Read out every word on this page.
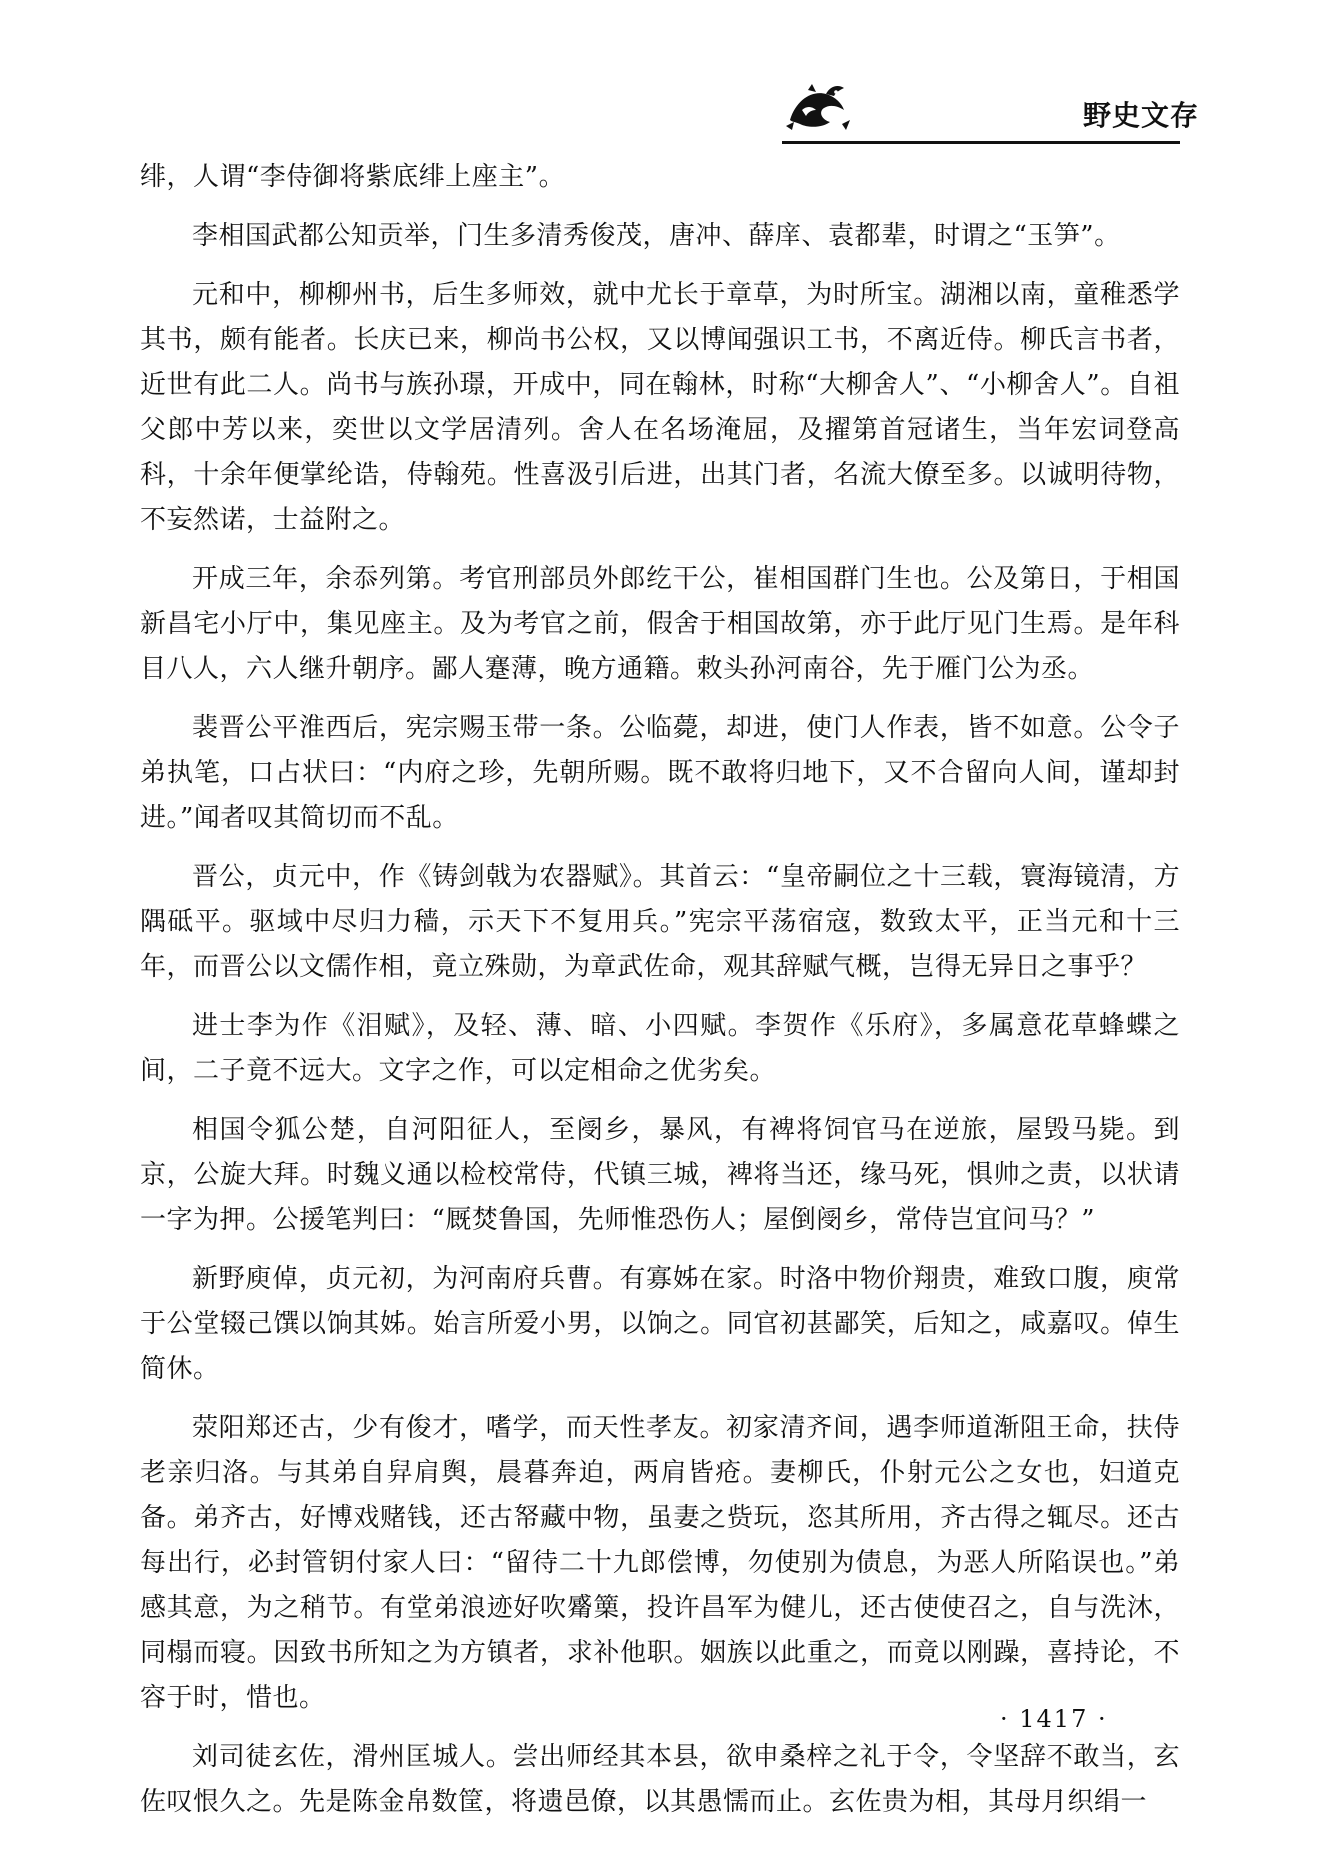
野史文存

绯，人谓“李侍御将紫底绯上座主”。

李相国武都公知贡举，门生多清秀俊茂，唐冲、薛庠、袁都辈，时谓之“玉笋”。

元和中，柳柳州书，后生多师效，就中尤长于章草，为时所宝。湖湘以南，童稚悉学其书，颇有能者。长庆已来，柳尚书公权，又以博闻强识工书，不离近侍。柳氏言书者，近世有此二人。尚书与族孙璟，开成中，同在翰林，时称“大柳舍人”、“小柳舍人”。自祖父郎中芳以来，奕世以文学居清列。舍人在名场淹屈，及擢第首冠诸生，当年宏词登高科，十余年便掌纶诰，侍翰苑。性喜汲引后进，出其门者，名流大僚至多。以诚明待物，不妄然诺，士益附之。

开成三年，余忝列第。考官刑部员外郎纥干公，崔相国群门生也。公及第日，于相国新昌宅小厅中，集见座主。及为考官之前，假舍于相国故第，亦于此厅见门生焉。是年科目八人，六人继升朝序。鄙人蹇薄，晚方通籍。敕头孙河南谷，先于雁门公为丞。

裴晋公平淮西后，宪宗赐玉带一条。公临薨，却进，使门人作表，皆不如意。公令子弟执笔，口占状曰：“内府之珍，先朝所赐。既不敢将归地下，又不合留向人间，谨却封进。”闻者叹其简切而不乱。

晋公，贞元中，作《铸剑戟为农器赋》。其首云：“皇帝嗣位之十三载，寰海镜清，方隅砥平。驱域中尽归力穑，示天下不复用兵。”宪宗平荡宿寇，数致太平，正当元和十三年，而晋公以文儒作相，竟立殊勋，为章武佐命，观其辞赋气概，岂得无异日之事乎？

进士李为作《泪赋》，及轻、薄、暗、小四赋。李贺作《乐府》，多属意花草蜂蝶之间，二子竟不远大。文字之作，可以定相命之优劣矣。

相国令狐公楚，自河阳征人，至阌乡，暴风，有裨将饲官马在逆旅，屋毁马毙。到京，公旋大拜。时魏义通以检校常侍，代镇三城，裨将当还，缘马死，惧帅之责，以状请一字为押。公援笔判曰：“厩焚鲁国，先师惟恐伤人；屋倒阌乡，常侍岂宜问马？”

新野庾倬，贞元初，为河南府兵曹。有寡姊在家。时洛中物价翔贵，难致口腹，庾常于公堂辍己馔以饷其姊。始言所爱小男，以饷之。同官初甚鄙笑，后知之，咸嘉叹。倬生简休。

荥阳郑还古，少有俊才，嗜学，而天性孝友。初家清齐间，遇李师道渐阻王命，扶侍老亲归洛。与其弟自舁肩舆，晨暮奔迫，两肩皆疮。妻柳氏，仆射元公之女也，妇道克备。弟齐古，好博戏赌钱，还古帑藏中物，虽妻之赀玩，恣其所用，齐古得之辄尽。还古每出行，必封管钥付家人曰：“留待二十九郎偿博，勿使别为债息，为恶人所陷误也。”弟感其意，为之稍节。有堂弟浪迹好吹觱篥，投许昌军为健儿，还古使使召之，自与洗沐，同榻而寝。因致书所知之为方镇者，求补他职。姻族以此重之，而竟以刚躁，喜持论，不容于时，惜也。

刘司徒玄佐，滑州匡城人。尝出师经其本县，欲申桑梓之礼于令，令坚辞不敢当，玄佐叹恨久之。先是陈金帛数筐，将遗邑僚，以其愚懦而止。玄佐贵为相，其母月织绢一

· 1417 ·
